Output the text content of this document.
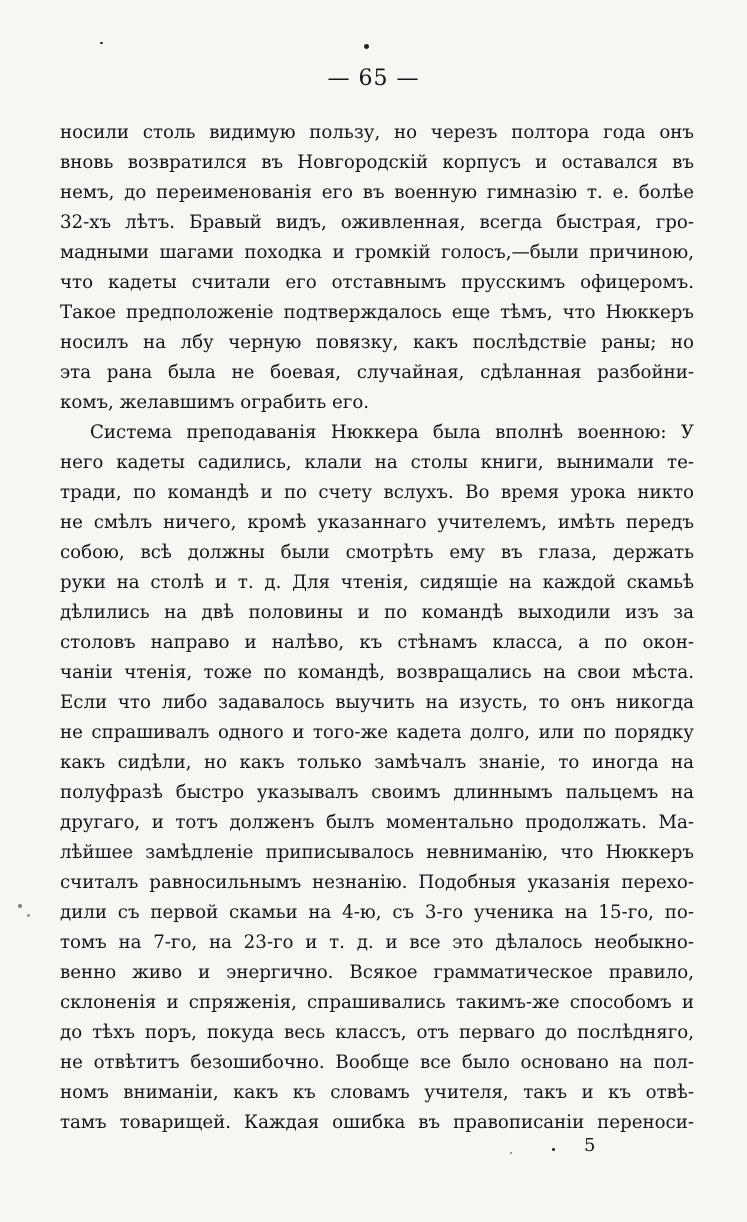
— 65 —
носили столь видимую пользу, но черезъ полтора года онъ
вновь возвратился въ Новгородскій корпусъ и оставался въ
немъ, до переименованія его въ военную гимназію т. е. болѣе
32-хъ лѣтъ. Бравый видъ, оживленная, всегда быстрая, гро-
мадными шагами походка и громкій голосъ,—были причиною,
что кадеты считали его отставнымъ прусскимъ офицеромъ.
Такое предположеніе подтверждалось еще тѣмъ, что Нюккеръ
носилъ на лбу черную повязку, какъ послѣдствіе раны; но
эта рана была не боевая, случайная, сдѣланная разбойни-
комъ, желавшимъ ограбить его.
Система преподаванія Нюккера была вполнѣ военною: У
него кадеты садились, клали на столы книги, вынимали те-
тради, по командѣ и по счету вслухъ. Во время урока никто
не смѣлъ ничего, кромѣ указаннаго учителемъ, имѣть передъ
собою, всѣ должны были смотрѣть ему въ глаза, держать
руки на столѣ и т. д. Для чтенія, сидящіе на каждой скамьѣ
дѣлились на двѣ половины и по командѣ выходили изъ за
столовъ направо и налѣво, къ стѣнамъ класса, а по окон-
чаніи чтенія, тоже по командѣ, возвращались на свои мѣста.
Если что либо задавалось выучить на изусть, то онъ никогда
не спрашивалъ одного и того-же кадета долго, или по порядку
какъ сидѣли, но какъ только замѣчалъ знаніе, то иногда на
полуфразѣ быстро указывалъ своимъ длиннымъ пальцемъ на
другаго, и тотъ долженъ былъ моментально продолжать. Ма-
лѣйшее замѣдленіе приписывалось невниманію, что Нюккеръ
считалъ равносильнымъ незнанію. Подобныя указанія перехо-
дили съ первой скамьи на 4-ю, съ 3-го ученика на 15-го, по-
томъ на 7-го, на 23-го и т. д. и все это дѣлалось необыкно-
венно живо и энергично. Всякое грамматическое правило,
склоненія и спряженія, спрашивались такимъ-же способомъ и
до тѣхъ поръ, покуда весь классъ, отъ перваго до послѣдняго,
не отвѣтитъ безошибочно. Вообще все было основано на пол-
номъ вниманіи, какъ къ словамъ учителя, такъ и къ отвѣ-
тамъ товарищей. Каждая ошибка въ правописаніи переноси-
5
